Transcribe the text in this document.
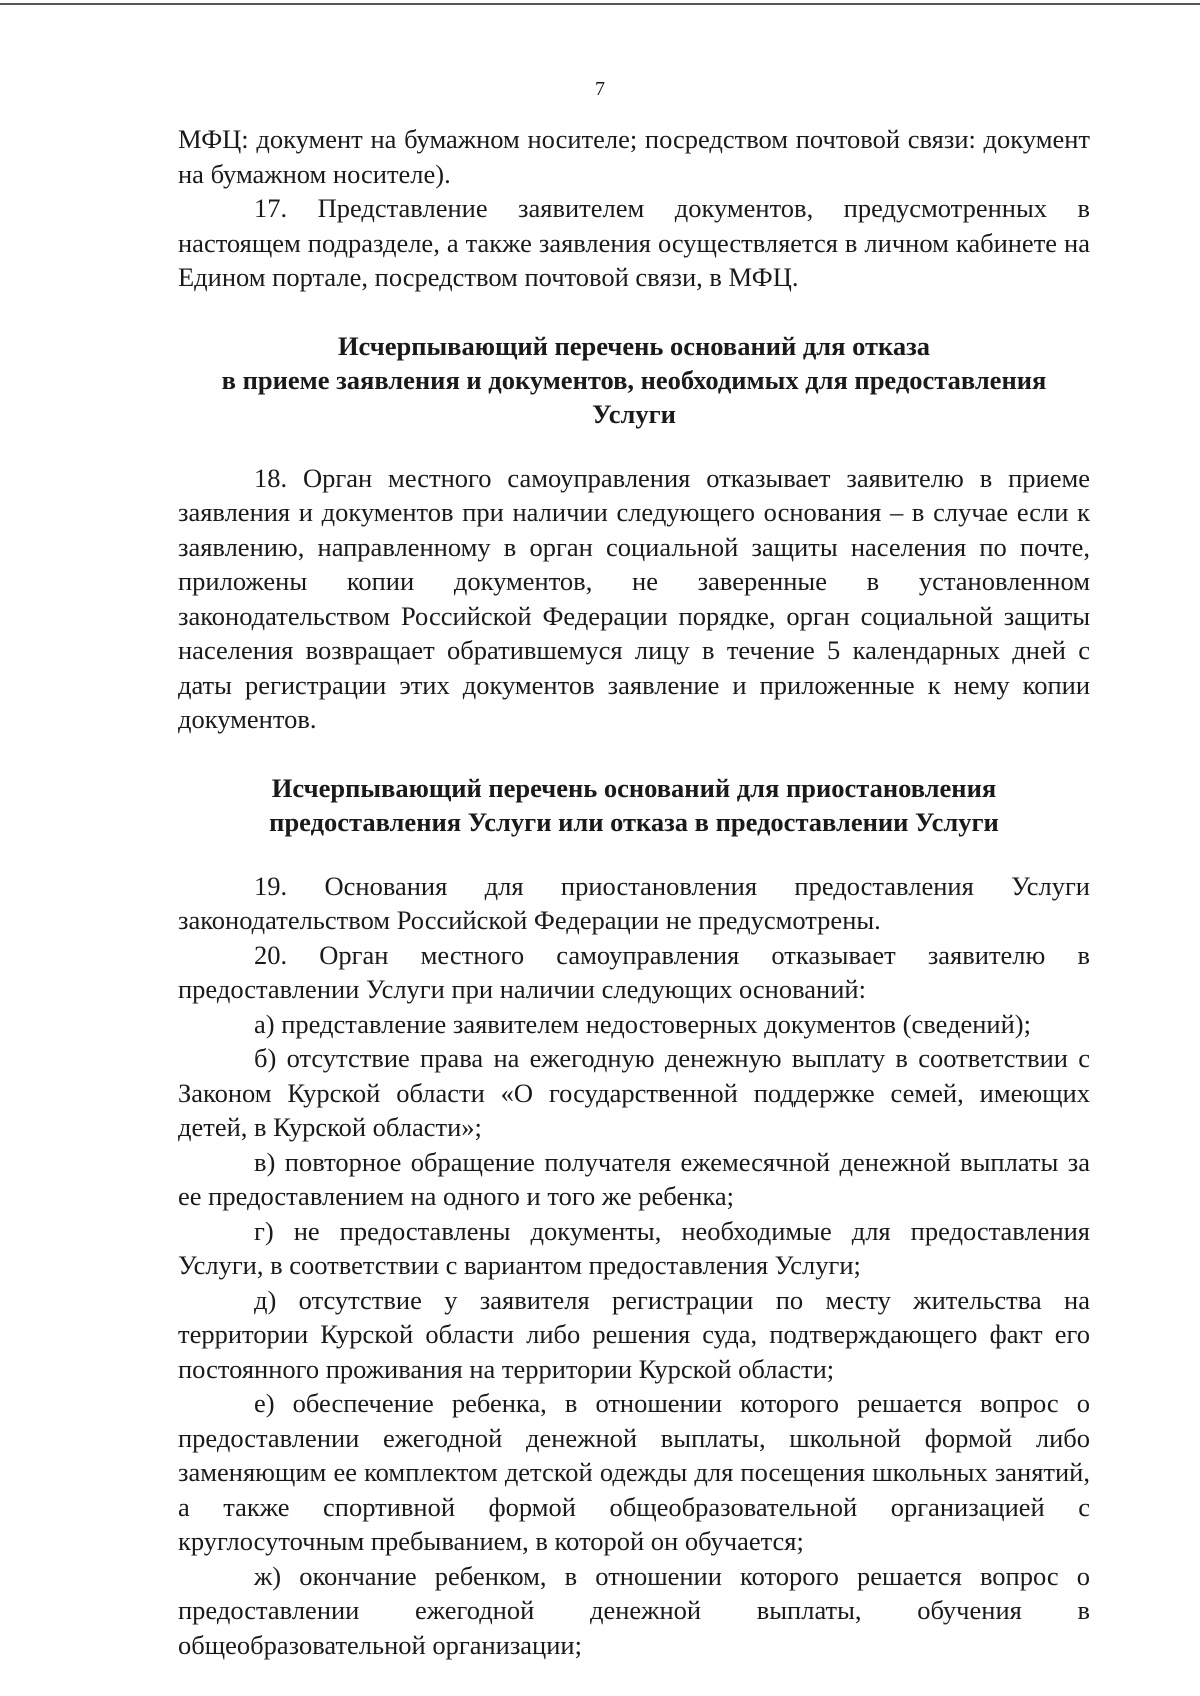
7

МФЦ: документ на бумажном носителе; посредством почтовой связи: документ на бумажном носителе).

17. Представление заявителем документов, предусмотренных в настоящем подразделе, а также заявления осуществляется в личном кабинете на Едином портале, посредством почтовой связи, в МФЦ.

Исчерпывающий перечень оснований для отказа
в приеме заявления и документов, необходимых для предоставления
Услуги

18. Орган местного самоуправления отказывает заявителю в приеме заявления и документов при наличии следующего основания – в случае если к заявлению, направленному в орган социальной защиты населения по почте, приложены копии документов, не заверенные в установленном законодательством Российской Федерации порядке, орган социальной защиты населения возвращает обратившемуся лицу в течение 5 календарных дней с даты регистрации этих документов заявление и приложенные к нему копии документов.

Исчерпывающий перечень оснований для приостановления
предоставления Услуги или отказа в предоставлении Услуги

19. Основания для приостановления предоставления Услуги законодательством Российской Федерации не предусмотрены.

20. Орган местного самоуправления отказывает заявителю в предоставлении Услуги при наличии следующих оснований:

а) представление заявителем недостоверных документов (сведений);

б) отсутствие права на ежегодную денежную выплату в соответствии с Законом Курской области «О государственной поддержке семей, имеющих детей, в Курской области»;

в) повторное обращение получателя ежемесячной денежной выплаты за ее предоставлением на одного и того же ребенка;

г) не предоставлены документы, необходимые для предоставления Услуги, в соответствии с вариантом предоставления Услуги;

д) отсутствие у заявителя регистрации по месту жительства на территории Курской области либо решения суда, подтверждающего факт его постоянного проживания на территории Курской области;

е) обеспечение ребенка, в отношении которого решается вопрос о предоставлении ежегодной денежной выплаты, школьной формой либо заменяющим ее комплектом детской одежды для посещения школьных занятий, а также спортивной формой общеобразовательной организацией с круглосуточным пребыванием, в которой он обучается;

ж) окончание ребенком, в отношении которого решается вопрос о предоставлении ежегодной денежной выплаты, обучения в общеобразовательной организации;
